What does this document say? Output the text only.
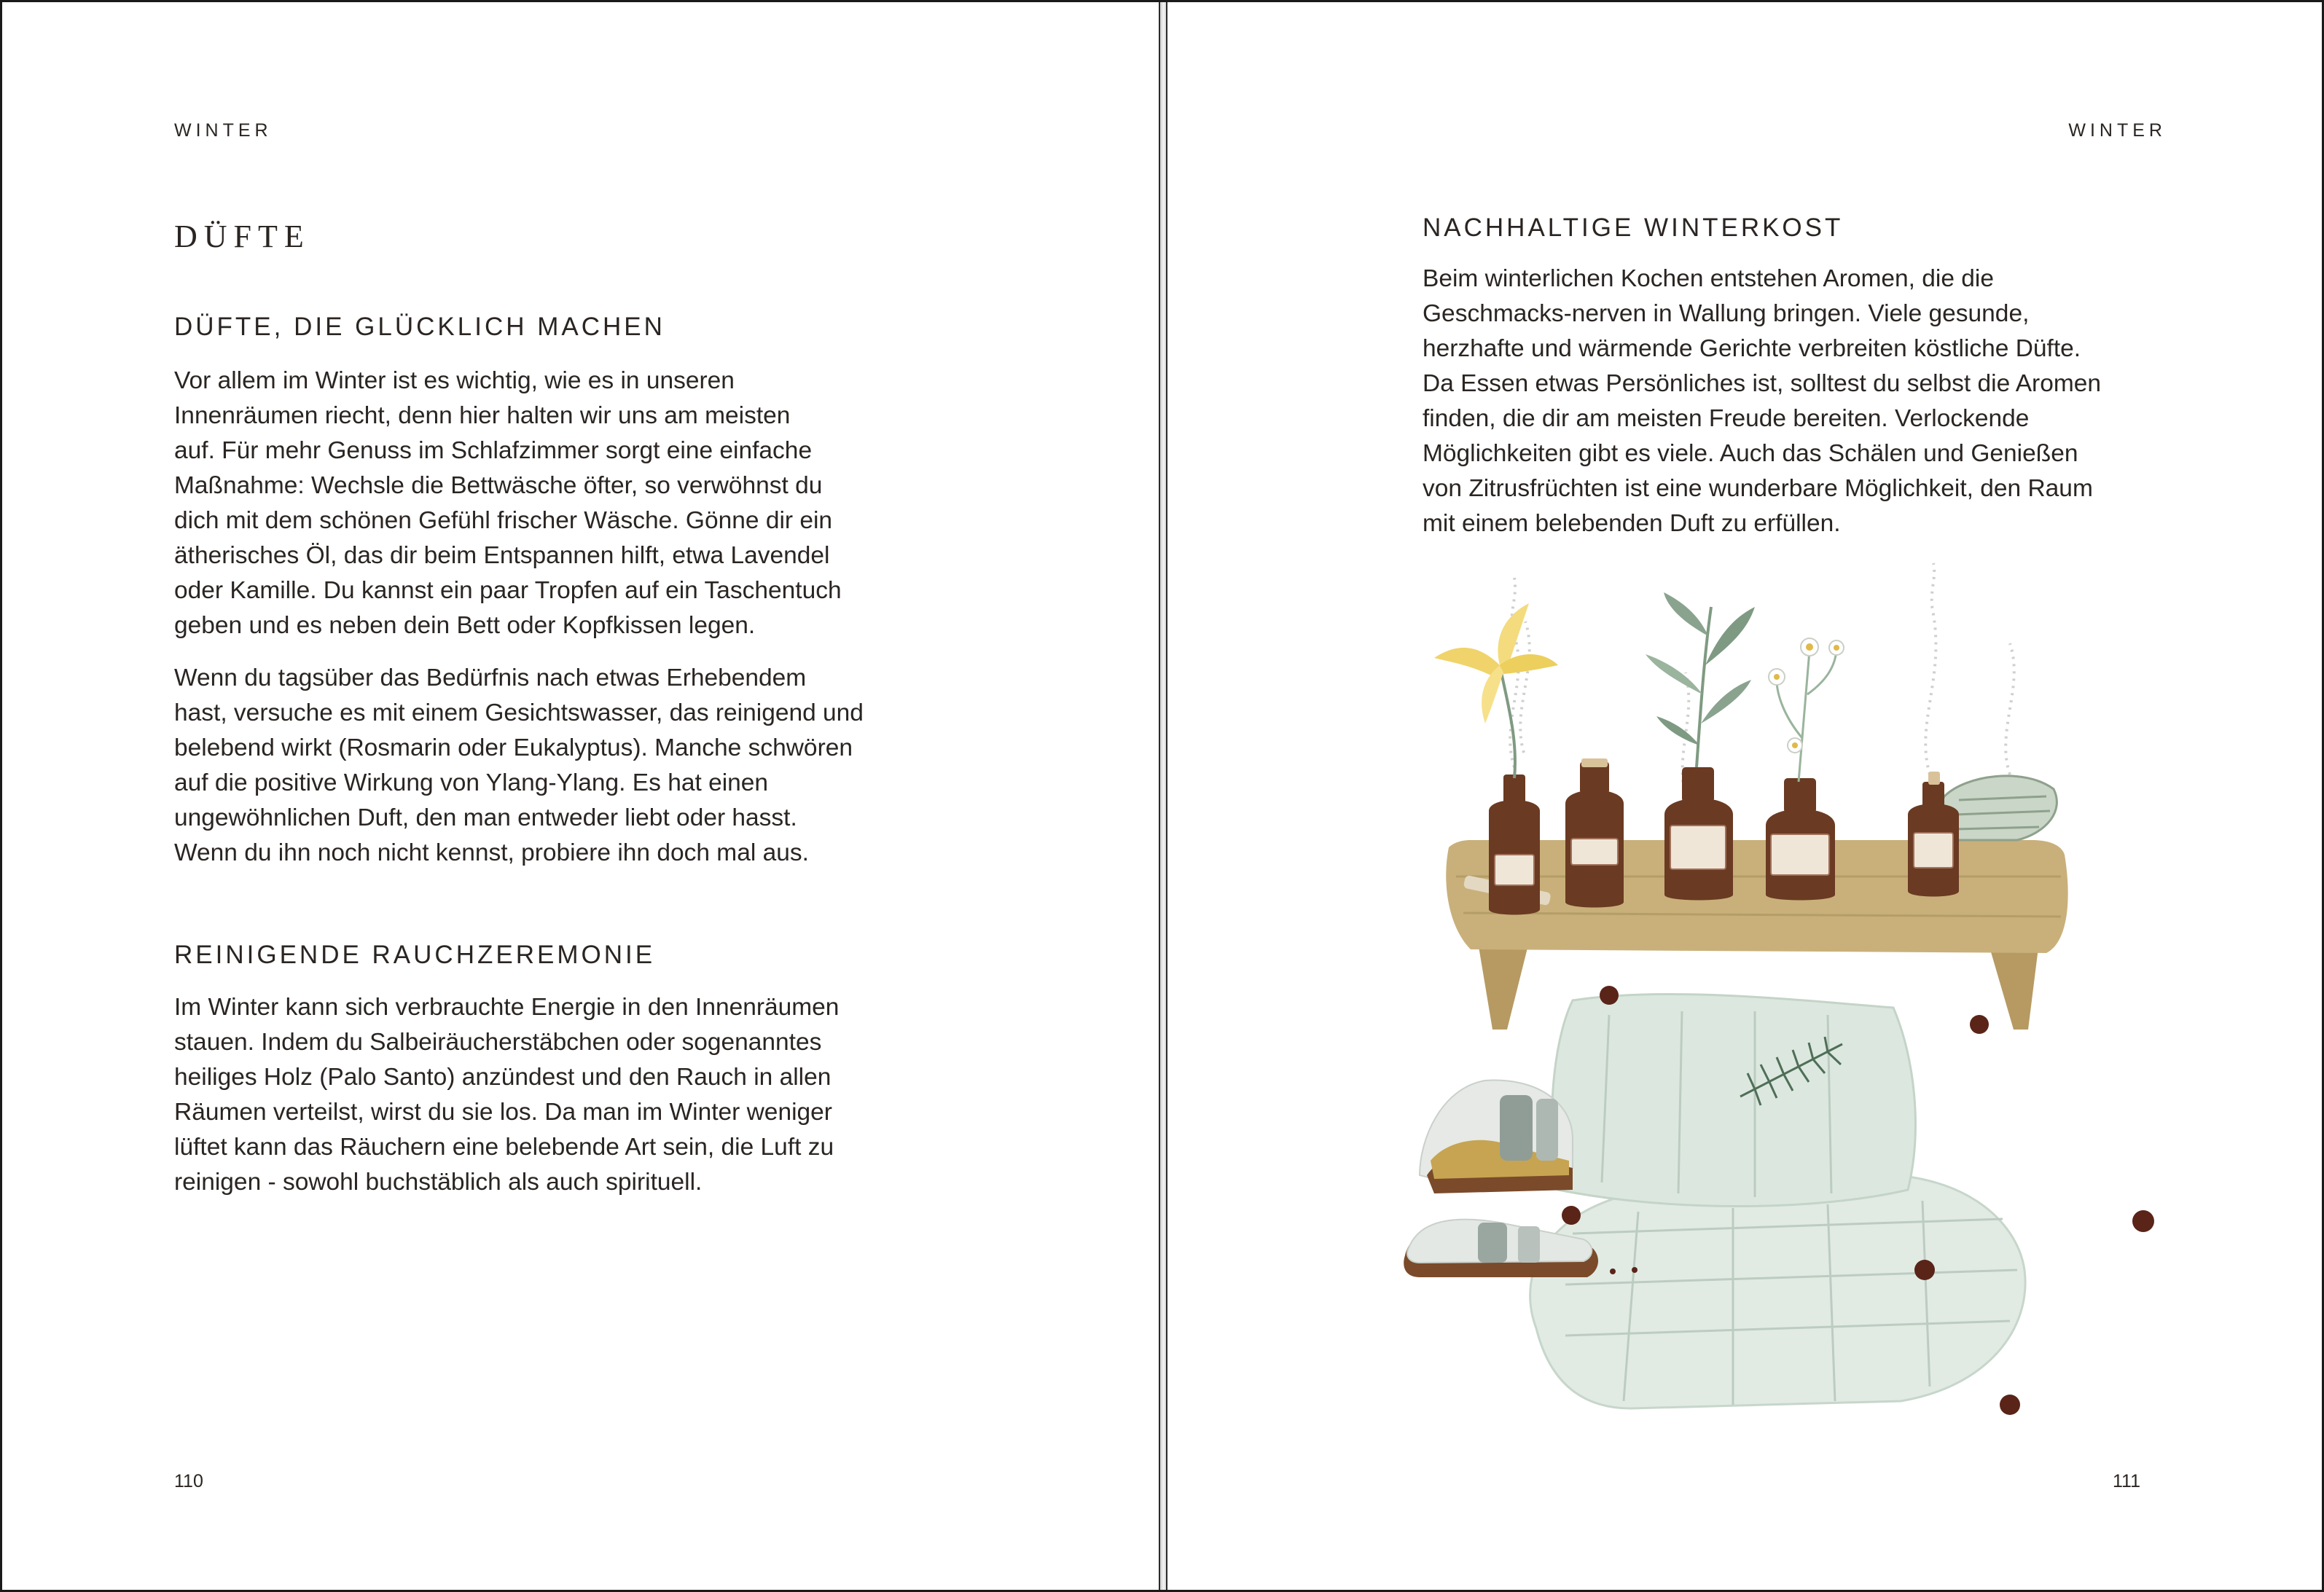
WINTER
DÜFTE
DÜFTE, DIE GLÜCKLICH MACHEN
Vor allem im Winter ist es wichtig, wie es in unseren
Innenräumen riecht, denn hier halten wir uns am meisten
auf. Für mehr Genuss im Schlafzimmer sorgt eine einfache
Maßnahme: Wechsle die Bettwäsche öfter, so verwöhnst du
dich mit dem schönen Gefühl frischer Wäsche. Gönne dir ein
ätherisches Öl, das dir beim Entspannen hilft, etwa Lavendel
oder Kamille. Du kannst ein paar Tropfen auf ein Taschentuch
geben und es neben dein Bett oder Kopfkissen legen.
Wenn du tagsüber das Bedürfnis nach etwas Erhebendem
hast, versuche es mit einem Gesichtswasser, das reinigend und
belebend wirkt (Rosmarin oder Eukalyptus). Manche schwören
auf die positive Wirkung von Ylang-Ylang. Es hat einen
ungewöhnlichen Duft, den man entweder liebt oder hasst.
Wenn du ihn noch nicht kennst, probiere ihn doch mal aus.
REINIGENDE RAUCHZEREMONIE
Im Winter kann sich verbrauchte Energie in den Innenräumen
stauen. Indem du Salbeiräucherstäbchen oder sogenanntes
heiliges Holz (Palo Santo) anzündest und den Rauch in allen
Räumen verteilst, wirst du sie los. Da man im Winter weniger
lüftet kann das Räuchern eine belebende Art sein, die Luft zu
reinigen - sowohl buchstäblich als auch spirituell.
110
WINTER
NACHHALTIGE WINTERKOST
Beim winterlichen Kochen entstehen Aromen, die die
Geschmacks-nerven in Wallung bringen. Viele gesunde,
herzhafte und wärmende Gerichte verbreiten köstliche Düfte.
Da Essen etwas Persönliches ist, solltest du selbst die Aromen
finden, die dir am meisten Freude bereiten. Verlockende
Möglichkeiten gibt es viele. Auch das Schälen und Genießen
von Zitrusfrüchten ist eine wunderbare Möglichkeit, den Raum
mit einem belebenden Duft zu erfüllen.
111
